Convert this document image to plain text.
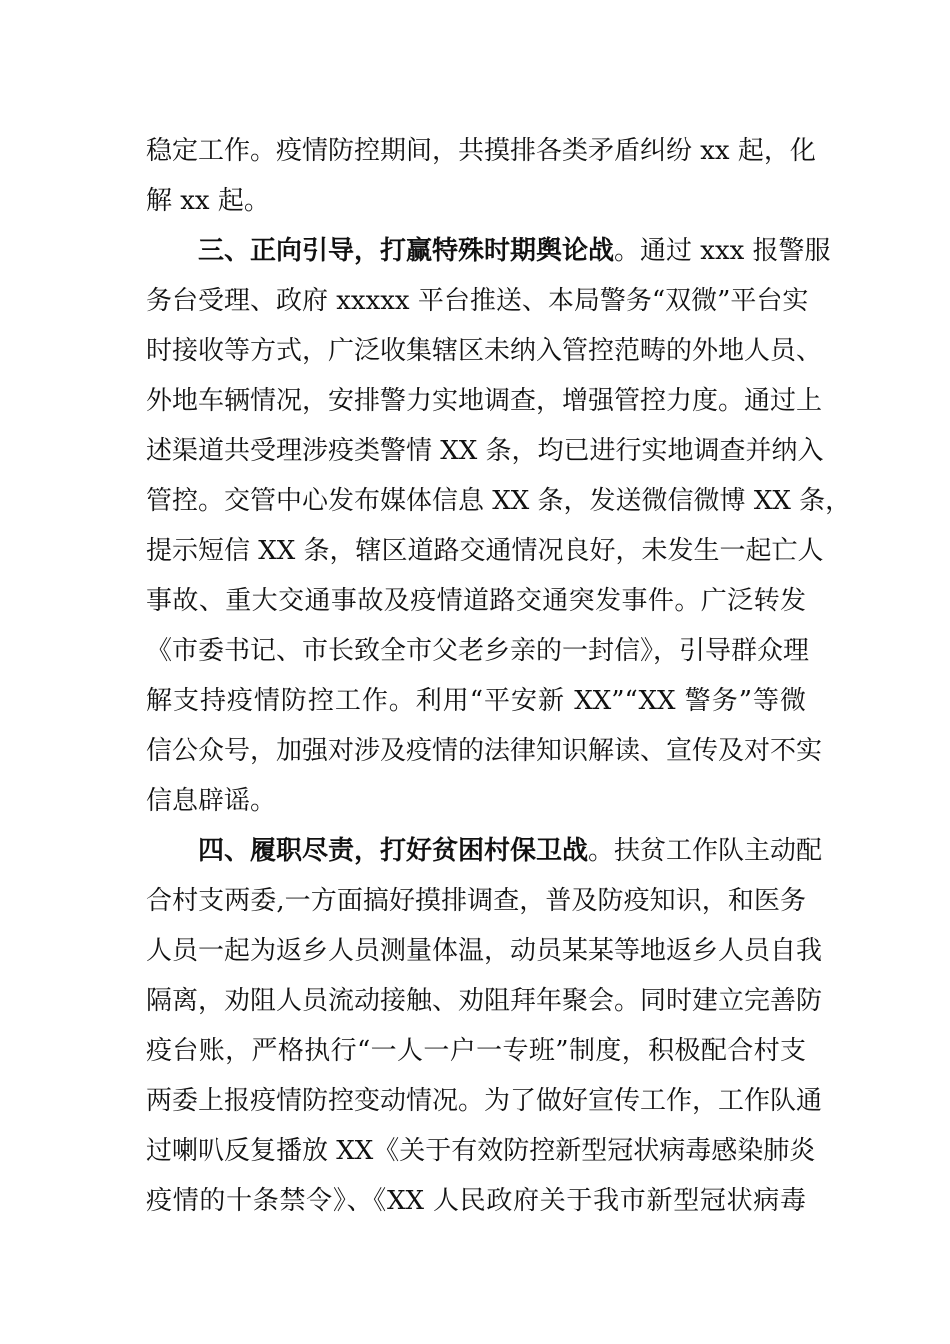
稳定工作。疫情防控期间，共摸排各类矛盾纠纷 xx 起，化
解 xx 起。
三、正向引导，打赢特殊时期舆论战。通过 xxx 报警服
务台受理、政府 xxxxx 平台推送、本局警务“双微”平台实
时接收等方式，广泛收集辖区未纳入管控范畴的外地人员、
外地车辆情况，安排警力实地调查，增强管控力度。通过上
述渠道共受理涉疫类警情 XX 条，均已进行实地调查并纳入
管控。交管中心发布媒体信息 XX 条，发送微信微博 XX 条，
提示短信 XX 条，辖区道路交通情况良好，未发生一起亡人
事故、重大交通事故及疫情道路交通突发事件。广泛转发
《市委书记、市长致全市父老乡亲的一封信》，引导群众理
解支持疫情防控工作。利用“平安新 XX”“XX 警务”等微
信公众号，加强对涉及疫情的法律知识解读、宣传及对不实
信息辟谣。
四、履职尽责，打好贫困村保卫战。扶贫工作队主动配
合村支两委,一方面搞好摸排调查，普及防疫知识，和医务
人员一起为返乡人员测量体温，动员某某等地返乡人员自我
隔离，劝阻人员流动接触、劝阻拜年聚会。同时建立完善防
疫台账，严格执行“一人一户一专班”制度，积极配合村支
两委上报疫情防控变动情况。为了做好宣传工作，工作队通
过喇叭反复播放 XX《关于有效防控新型冠状病毒感染肺炎
疫情的十条禁令》、《XX 人民政府关于我市新型冠状病毒
